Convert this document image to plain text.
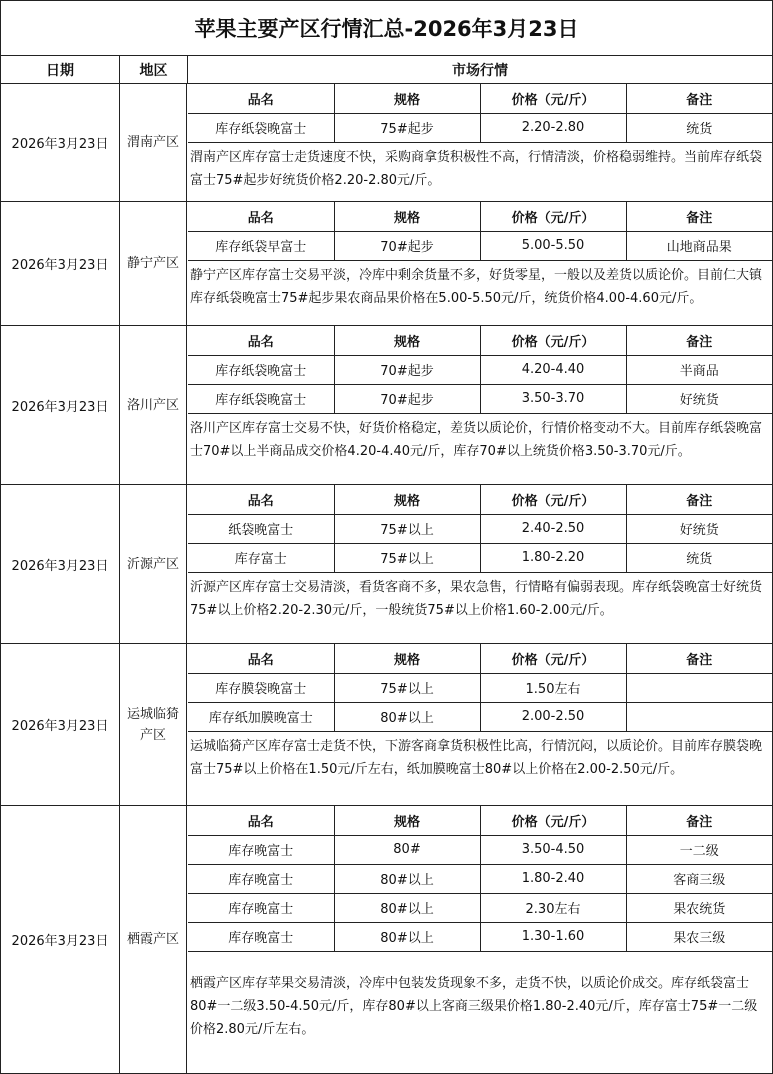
苹果主要产区行情汇总-2026年3月23日
日期	地区	市场行情
2026年3月23日	渭南产区
品名	规格	价格（元/斤）	备注
库存纸袋晚富士	75#起步	2.20-2.80	统货
渭南产区库存富士走货速度不快，采购商拿货积极性不高，行情清淡，价格稳弱维持。当前库存纸袋富士75#起步好统货价格2.20-2.80元/斤。
2026年3月23日	静宁产区
品名	规格	价格（元/斤）	备注
库存纸袋早富士	70#起步	5.00-5.50	山地商品果
静宁产区库存富士交易平淡，冷库中剩余货量不多，好货零星，一般以及差货以质论价。目前仁大镇库存纸袋晚富士75#起步果农商品果价格在5.00-5.50元/斤，统货价格4.00-4.60元/斤。
2026年3月23日	洛川产区
品名	规格	价格（元/斤）	备注
库存纸袋晚富士	70#起步	4.20-4.40	半商品
库存纸袋晚富士	70#起步	3.50-3.70	好统货
洛川产区库存富士交易不快，好货价格稳定，差货以质论价，行情价格变动不大。目前库存纸袋晚富士70#以上半商品成交价格4.20-4.40元/斤，库存70#以上统货价格3.50-3.70元/斤。
2026年3月23日	沂源产区
品名	规格	价格（元/斤）	备注
纸袋晚富士	75#以上	2.40-2.50	好统货
库存富士	75#以上	1.80-2.20	统货
沂源产区库存富士交易清淡，看货客商不多，果农急售，行情略有偏弱表现。库存纸袋晚富士好统货75#以上价格2.20-2.30元/斤，一般统货75#以上价格1.60-2.00元/斤。
2026年3月23日
运城临猗产区
品名	规格	价格（元/斤）	备注
库存膜袋晚富士	75#以上	1.50左右	
库存纸加膜晚富士	80#以上	2.00-2.50	
运城临猗产区库存富士走货不快，下游客商拿货积极性比高，行情沉闷，以质论价。目前库存膜袋晚富士75#以上价格在1.50元/斤左右，纸加膜晚富士80#以上价格在2.00-2.50元/斤。
2026年3月23日	栖霞产区
品名	规格	价格（元/斤）	备注
库存晚富士	80#	3.50-4.50	一二级
库存晚富士	80#以上	1.80-2.40	客商三级
库存晚富士	80#以上	2.30左右	果农统货
库存晚富士	80#以上	1.30-1.60	果农三级
栖霞产区库存苹果交易清淡，冷库中包装发货现象不多，走货不快，以质论价成交。库存纸袋富士80#一二级3.50-4.50元/斤，库存80#以上客商三级果价格1.80-2.40元/斤，库存富士75#一二级价格2.80元/斤左右。
